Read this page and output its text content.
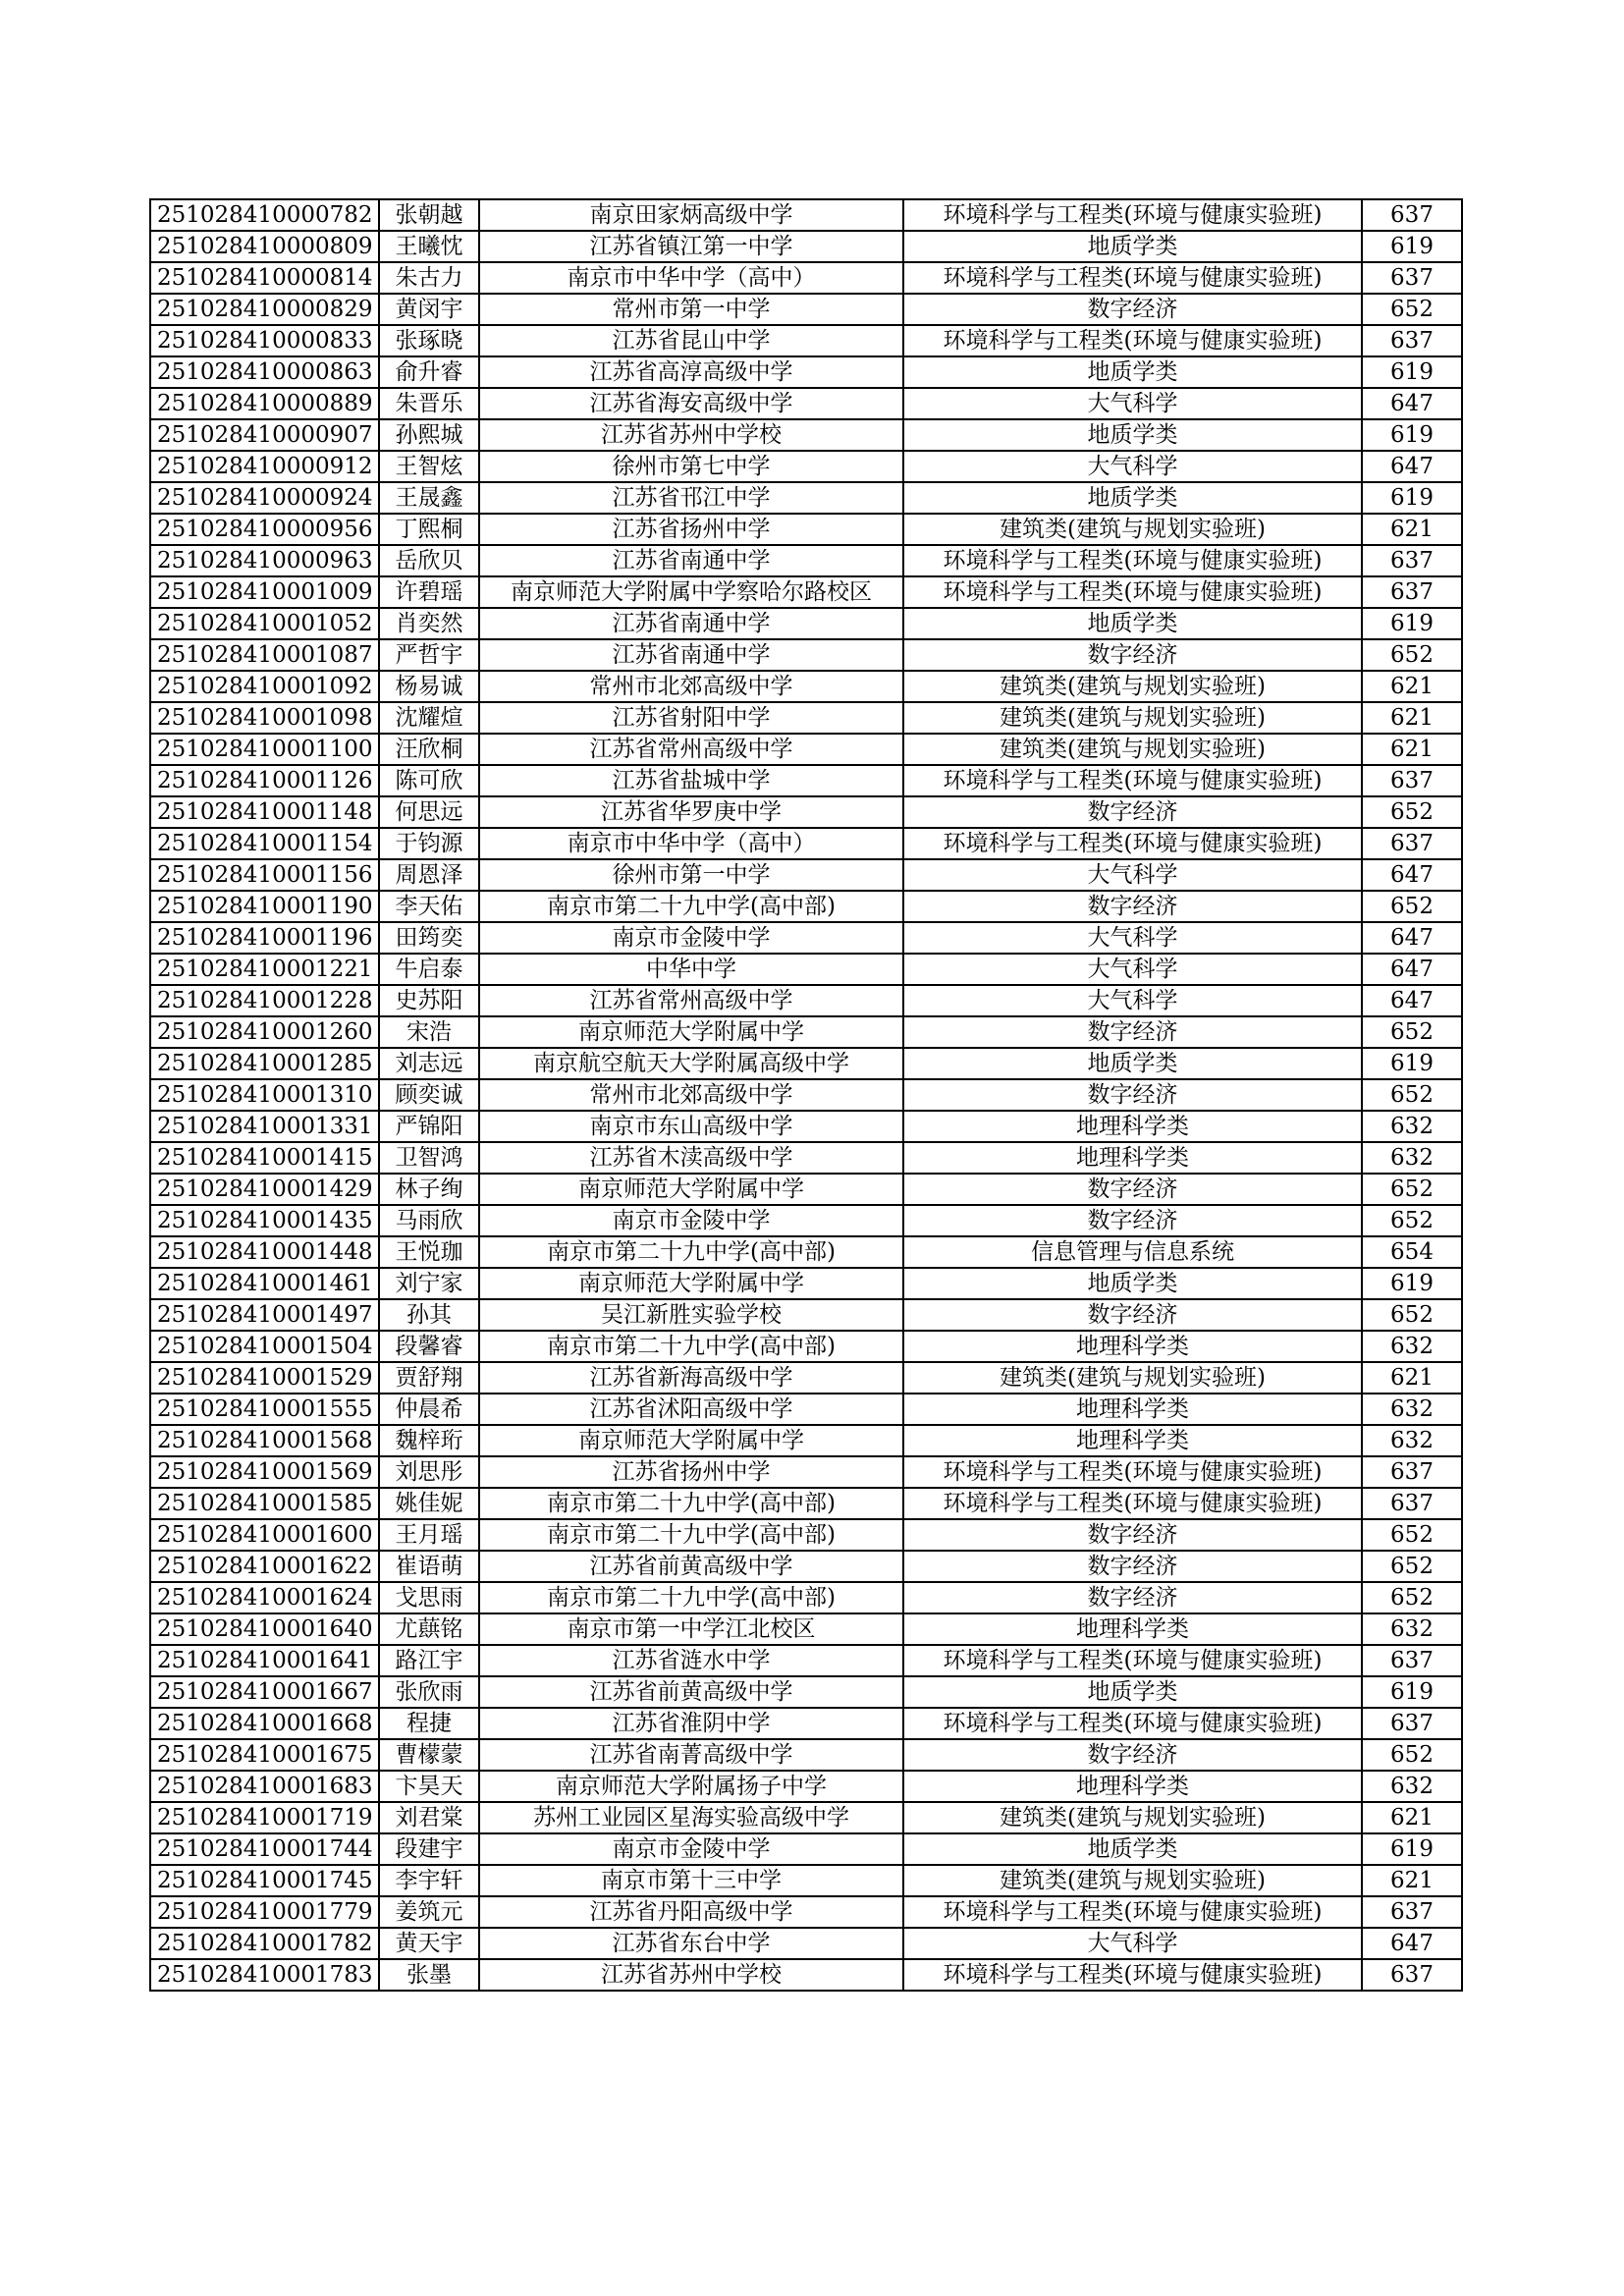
251028410000782	张朝越	南京田家炳高级中学	环境科学与工程类(环境与健康实验班)	637
251028410000809	王曦忱	江苏省镇江第一中学	地质学类	619
251028410000814	朱古力	南京市中华中学（高中）	环境科学与工程类(环境与健康实验班)	637
251028410000829	黄闵宇	常州市第一中学	数字经济	652
251028410000833	张琢晓	江苏省昆山中学	环境科学与工程类(环境与健康实验班)	637
251028410000863	俞升睿	江苏省高淳高级中学	地质学类	619
251028410000889	朱晋乐	江苏省海安高级中学	大气科学	647
251028410000907	孙熙城	江苏省苏州中学校	地质学类	619
251028410000912	王智炫	徐州市第七中学	大气科学	647
251028410000924	王晟鑫	江苏省邗江中学	地质学类	619
251028410000956	丁熙桐	江苏省扬州中学	建筑类(建筑与规划实验班)	621
251028410000963	岳欣贝	江苏省南通中学	环境科学与工程类(环境与健康实验班)	637
251028410001009	许碧瑶	南京师范大学附属中学察哈尔路校区	环境科学与工程类(环境与健康实验班)	637
251028410001052	肖奕然	江苏省南通中学	地质学类	619
251028410001087	严哲宇	江苏省南通中学	数字经济	652
251028410001092	杨易诚	常州市北郊高级中学	建筑类(建筑与规划实验班)	621
251028410001098	沈耀煊	江苏省射阳中学	建筑类(建筑与规划实验班)	621
251028410001100	汪欣桐	江苏省常州高级中学	建筑类(建筑与规划实验班)	621
251028410001126	陈可欣	江苏省盐城中学	环境科学与工程类(环境与健康实验班)	637
251028410001148	何思远	江苏省华罗庚中学	数字经济	652
251028410001154	于钧源	南京市中华中学（高中）	环境科学与工程类(环境与健康实验班)	637
251028410001156	周恩泽	徐州市第一中学	大气科学	647
251028410001190	李天佑	南京市第二十九中学(高中部)	数字经济	652
251028410001196	田筠奕	南京市金陵中学	大气科学	647
251028410001221	牛启泰	中华中学	大气科学	647
251028410001228	史苏阳	江苏省常州高级中学	大气科学	647
251028410001260	宋浩	南京师范大学附属中学	数字经济	652
251028410001285	刘志远	南京航空航天大学附属高级中学	地质学类	619
251028410001310	顾奕诚	常州市北郊高级中学	数字经济	652
251028410001331	严锦阳	南京市东山高级中学	地理科学类	632
251028410001415	卫智鸿	江苏省木渎高级中学	地理科学类	632
251028410001429	林子绚	南京师范大学附属中学	数字经济	652
251028410001435	马雨欣	南京市金陵中学	数字经济	652
251028410001448	王悦珈	南京市第二十九中学(高中部)	信息管理与信息系统	654
251028410001461	刘宁家	南京师范大学附属中学	地质学类	619
251028410001497	孙其	吴江新胜实验学校	数字经济	652
251028410001504	段馨睿	南京市第二十九中学(高中部)	地理科学类	632
251028410001529	贾舒翔	江苏省新海高级中学	建筑类(建筑与规划实验班)	621
251028410001555	仲晨希	江苏省沭阳高级中学	地理科学类	632
251028410001568	魏梓珩	南京师范大学附属中学	地理科学类	632
251028410001569	刘思彤	江苏省扬州中学	环境科学与工程类(环境与健康实验班)	637
251028410001585	姚佳妮	南京市第二十九中学(高中部)	环境科学与工程类(环境与健康实验班)	637
251028410001600	王月瑶	南京市第二十九中学(高中部)	数字经济	652
251028410001622	崔语萌	江苏省前黄高级中学	数字经济	652
251028410001624	戈思雨	南京市第二十九中学(高中部)	数字经济	652
251028410001640	尤蕻铭	南京市第一中学江北校区	地理科学类	632
251028410001641	路江宇	江苏省涟水中学	环境科学与工程类(环境与健康实验班)	637
251028410001667	张欣雨	江苏省前黄高级中学	地质学类	619
251028410001668	程捷	江苏省淮阴中学	环境科学与工程类(环境与健康实验班)	637
251028410001675	曹檬蒙	江苏省南菁高级中学	数字经济	652
251028410001683	卞昊天	南京师范大学附属扬子中学	地理科学类	632
251028410001719	刘君棠	苏州工业园区星海实验高级中学	建筑类(建筑与规划实验班)	621
251028410001744	段建宇	南京市金陵中学	地质学类	619
251028410001745	李宇轩	南京市第十三中学	建筑类(建筑与规划实验班)	621
251028410001779	姜筑元	江苏省丹阳高级中学	环境科学与工程类(环境与健康实验班)	637
251028410001782	黄天宇	江苏省东台中学	大气科学	647
251028410001783	张墨	江苏省苏州中学校	环境科学与工程类(环境与健康实验班)	637
